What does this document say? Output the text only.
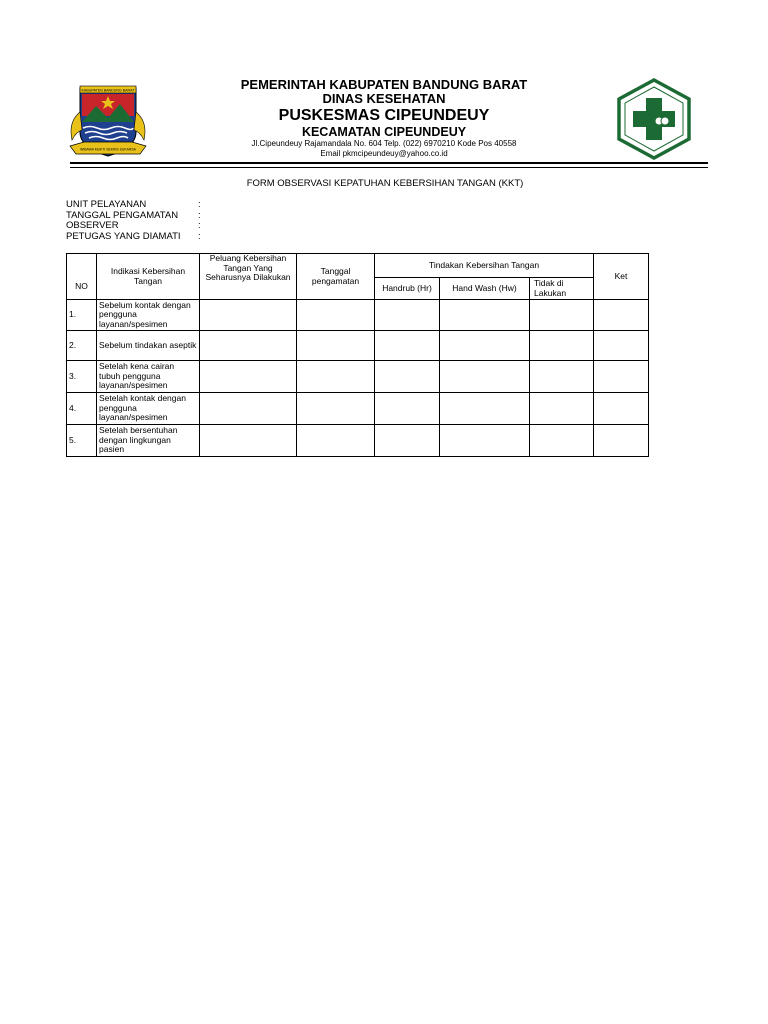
KABUPATEN BANDUNG BARAT
WIBAWA MUKTI SEKRIS SUKARSA
PEMERINTAH KABUPATEN BANDUNG BARAT
DINAS KESEHATAN
PUSKESMAS CIPEUNDEUY
KECAMATAN CIPEUNDEUY
Jl.Cipeundeuy Rajamandala No. 604 Telp. (022) 6970210 Kode Pos 40558
Email pkmcipeundeuy@yahoo.co.id
FORM OBSERVASI KEPATUHAN KEBERSIHAN TANGAN (KKT)
UNIT PELAYANAN	:
TANGGAL PENGAMATAN	:
OBSERVER	:
PETUGAS YANG DIAMATI	:
NO	Indikasi Kebersihan Tangan	Peluang Kebersihan Tangan Yang Seharusnya Dilakukan	Tanggal pengamatan	Tindakan Kebersihan Tangan			Ket
				Handrub (Hr)	Hand Wash (Hw)	Tidak di Lakukan	
1.	Sebelum kontak dengan pengguna layanan/spesimen						
2.	Sebelum tindakan aseptik						
3.	Setelah kena cairan tubuh pengguna layanan/spesimen						
4.	Setelah kontak dengan pengguna layanan/spesimen						
5.	Setelah bersentuhan dengan lingkungan pasien						
